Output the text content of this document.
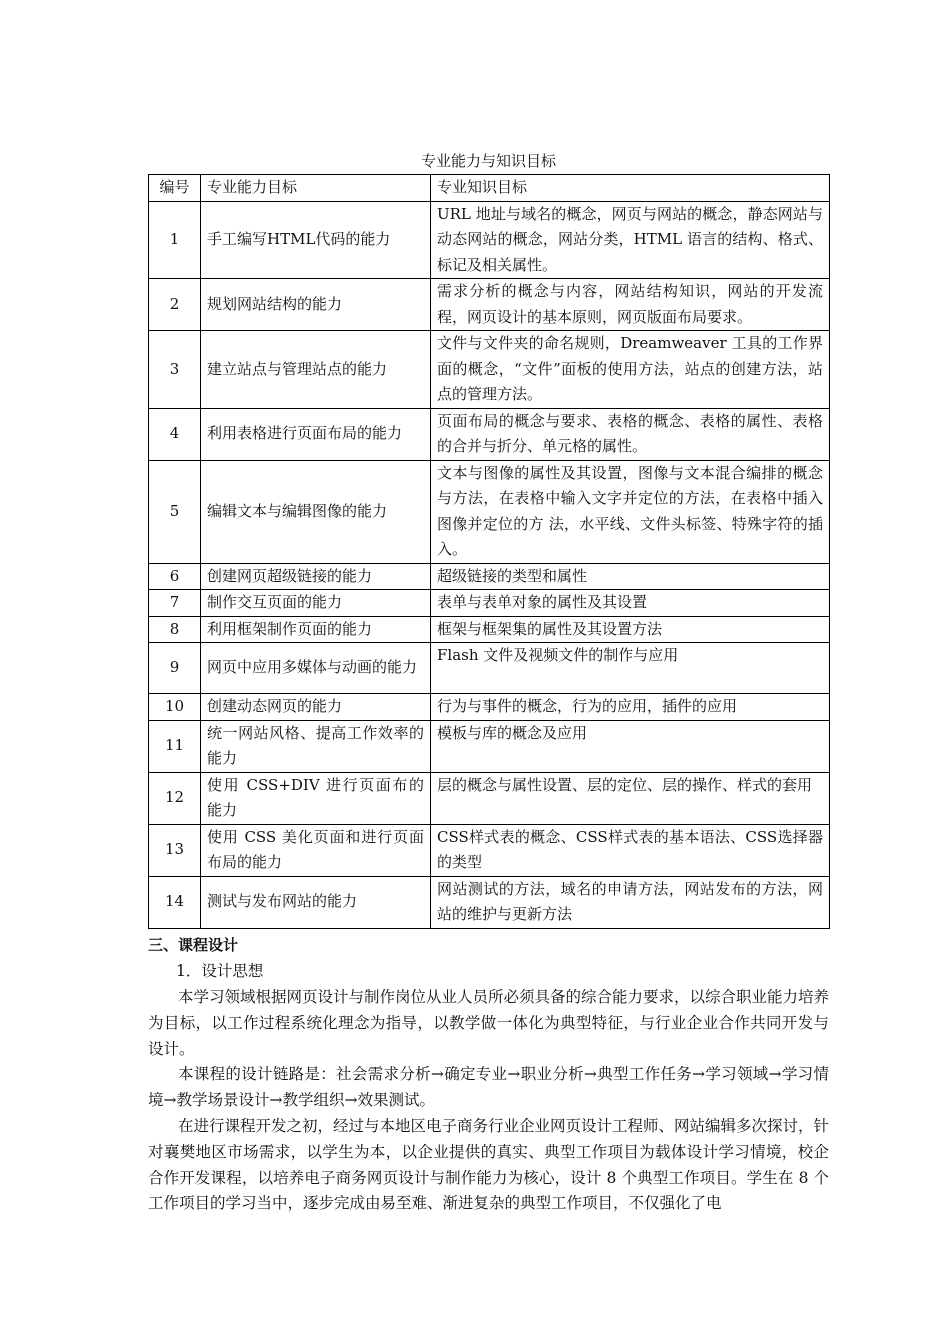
专业能力与知识目标
编号	专业能力目标	专业知识目标
1	手工编写HTML代码的能力	URL 地址与域名的概念，网页与网站的概念，静态网站与动态网站的概念，网站分类，HTML 语言的结构、格式、标记及相关属性。
2	规划网站结构的能力	需求分析的概念与内容，网站结构知识，网站的开发流程，网页设计的基本原则，网页版面布局要求。
3	建立站点与管理站点的能力	文件与文件夹的命名规则，Dreamweaver 工具的工作界面的概念，“文件”面板的使用方法，站点的创建方法，站点的管理方法。
4	利用表格进行页面布局的能力	页面布局的概念与要求、表格的概念、表格的属性、表格的合并与折分、单元格的属性。
5	编辑文本与编辑图像的能力	文本与图像的属性及其设置，图像与文本混合编排的概念与方法，在表格中输入文字并定位的方法，在表格中插入图像并定位的方 法，水平线、文件头标签、特殊字符的插入。
6	创建网页超级链接的能力	超级链接的类型和属性
7	制作交互页面的能力	表单与表单对象的属性及其设置
8	利用框架制作页面的能力	框架与框架集的属性及其设置方法
9	网页中应用多媒体与动画的能力	Flash 文件及视频文件的制作与应用
10	创建动态网页的能力	行为与事件的概念，行为的应用，插件的应用
11	统一网站风格、提高工作效率的能力	模板与库的概念及应用
12	使用 CSS+DIV 进行页面布的能力	层的概念与属性设置、层的定位、层的操作、样式的套用
13	使用 CSS 美化页面和进行页面布局的能力	CSS样式表的概念、CSS样式表的基本语法、CSS选择器的类型
14	测试与发布网站的能力	网站测试的方法，域名的申请方法，网站发布的方法，网站的维护与更新方法
三、课程设计
1．设计思想

本学习领域根据网页设计与制作岗位从业人员所必须具备的综合能力要求，以综合职业能力培养为目标，以工作过程系统化理念为指导，以教学做一体化为典型特征，与行业企业合作共同开发与设计。

本课程的设计链路是：社会需求分析→确定专业→职业分析→典型工作任务→学习领域→学习情境→教学场景设计→教学组织→效果测试。

在进行课程开发之初，经过与本地区电子商务行业企业网页设计工程师、网站编辑多次探讨，针对襄樊地区市场需求，以学生为本，以企业提供的真实、典型工作项目为载体设计学习情境，校企合作开发课程，以培养电子商务网页设计与制作能力为核心，设计 8 个典型工作项目。学生在 8 个工作项目的学习当中，逐步完成由易至难、渐进复杂的典型工作项目，不仅强化了电
